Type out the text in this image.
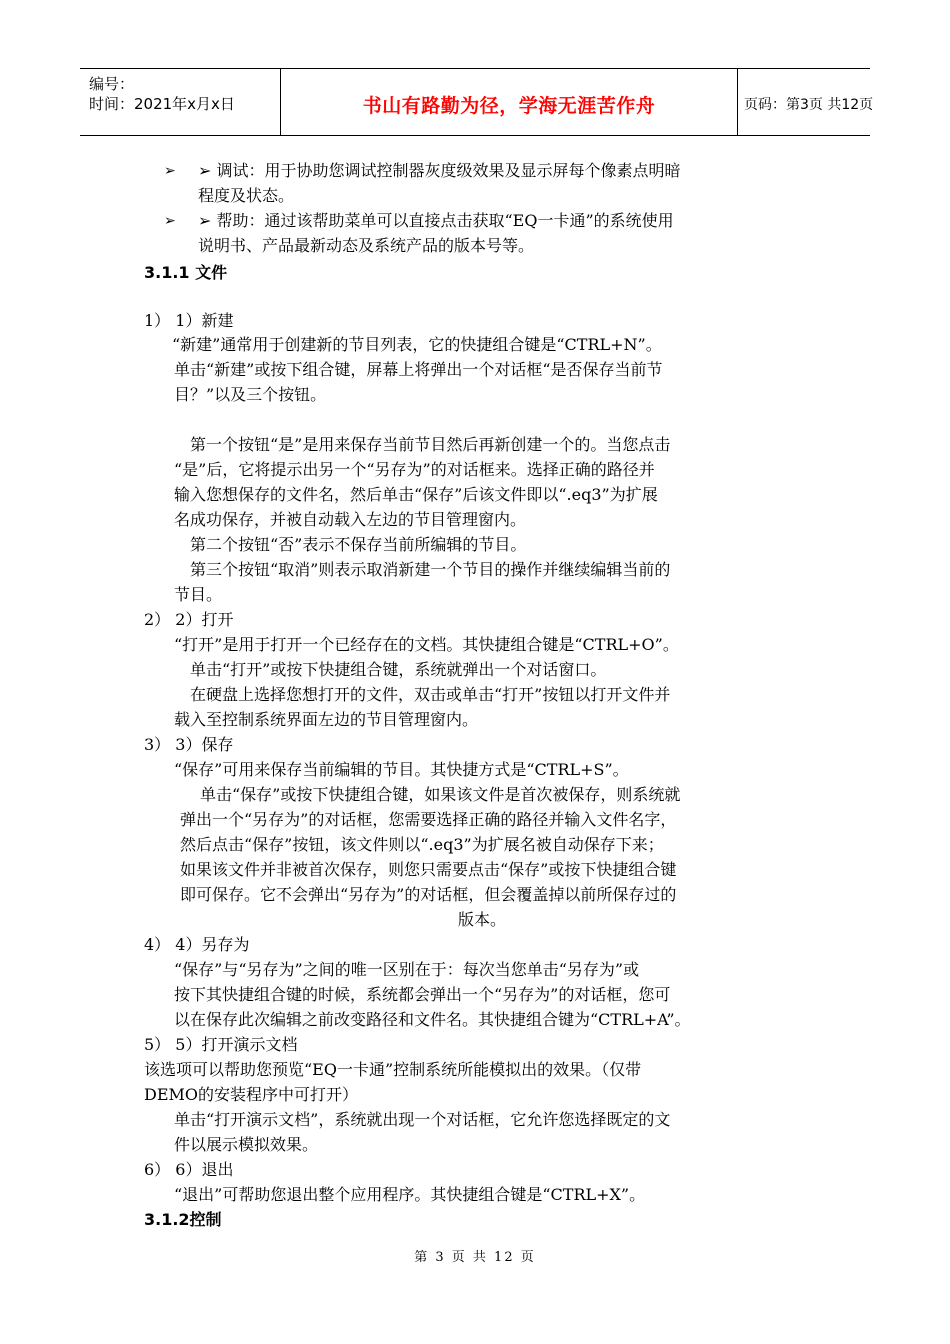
编号：
时间：2021年x月x日	书山有路勤为径，学海无涯苦作舟	页码：第3页 共12页
➢ ➢ 调试：用于协助您调试控制器灰度级效果及显示屏每个像素点明暗
程度及状态。
➢ ➢ 帮助：通过该帮助菜单可以直接点击获取“EQ一卡通”的系统使用
说明书、产品最新动态及系统产品的版本号等。
3.1.1 文件
1） 1）新建
“新建”通常用于创建新的节目列表，它的快捷组合键是“CTRL+N”。
单击“新建”或按下组合键，屏幕上将弹出一个对话框“是否保存当前节
目？”以及三个按钮。
第一个按钮“是”是用来保存当前节目然后再新创建一个的。当您点击
“是”后，它将提示出另一个“另存为”的对话框来。选择正确的路径并
输入您想保存的文件名，然后单击“保存”后该文件即以“.eq3”为扩展
名成功保存，并被自动载入左边的节目管理窗内。
第二个按钮“否”表示不保存当前所编辑的节目。
第三个按钮“取消”则表示取消新建一个节目的操作并继续编辑当前的
节目。
2） 2）打开
“打开”是用于打开一个已经存在的文档。其快捷组合键是“CTRL+O”。
单击“打开”或按下快捷组合键，系统就弹出一个对话窗口。
在硬盘上选择您想打开的文件，双击或单击“打开”按钮以打开文件并
载入至控制系统界面左边的节目管理窗内。
3） 3）保存
“保存”可用来保存当前编辑的节目。其快捷方式是“CTRL+S”。
单击“保存”或按下快捷组合键，如果该文件是首次被保存，则系统就
弹出一个“另存为”的对话框，您需要选择正确的路径并输入文件名字，
然后点击“保存”按钮，该文件则以“.eq3”为扩展名被自动保存下来；
如果该文件并非被首次保存，则您只需要点击“保存”或按下快捷组合键
即可保存。它不会弹出“另存为”的对话框，但会覆盖掉以前所保存过的
版本。
4） 4）另存为
“保存”与“另存为”之间的唯一区别在于：每次当您单击“另存为”或
按下其快捷组合键的时候，系统都会弹出一个“另存为”的对话框，您可
以在保存此次编辑之前改变路径和文件名。其快捷组合键为“CTRL+A”。
5） 5）打开演示文档
该选项可以帮助您预览“EQ一卡通”控制系统所能模拟出的效果。（仅带
DEMO的安装程序中可打开）
单击“打开演示文档”，系统就出现一个对话框，它允许您选择既定的文
件以展示模拟效果。
6） 6）退出
“退出”可帮助您退出整个应用程序。其快捷组合键是“CTRL+X”。
3.1.2控制
第 3 页 共 12 页
